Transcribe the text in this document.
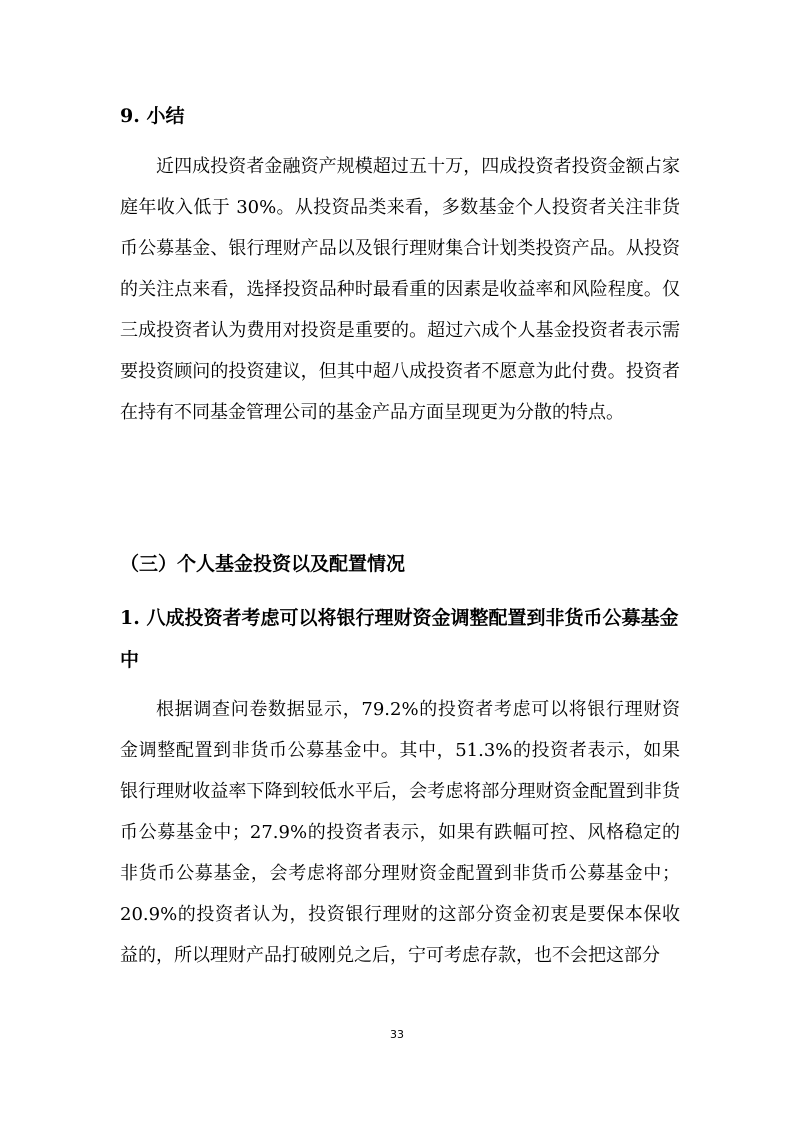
9. 小结

近四成投资者金融资产规模超过五十万，四成投资者投资金额占家庭年收入低于 30%。从投资品类来看，多数基金个人投资者关注非货币公募基金、银行理财产品以及银行理财集合计划类投资产品。从投资的关注点来看，选择投资品种时最看重的因素是收益率和风险程度。仅三成投资者认为费用对投资是重要的。超过六成个人基金投资者表示需要投资顾问的投资建议，但其中超八成投资者不愿意为此付费。投资者在持有不同基金管理公司的基金产品方面呈现更为分散的特点。

（三）个人基金投资以及配置情况
1. 八成投资者考虑可以将银行理财资金调整配置到非货币公募基金中

根据调查问卷数据显示，79.2%的投资者考虑可以将银行理财资金调整配置到非货币公募基金中。其中，51.3%的投资者表示，如果银行理财收益率下降到较低水平后，会考虑将部分理财资金配置到非货币公募基金中；27.9%的投资者表示，如果有跌幅可控、风格稳定的非货币公募基金，会考虑将部分理财资金配置到非货币公募基金中；20.9%的投资者认为，投资银行理财的这部分资金初衷是要保本保收益的，所以理财产品打破刚兑之后，宁可考虑存款，也不会把这部分

33
